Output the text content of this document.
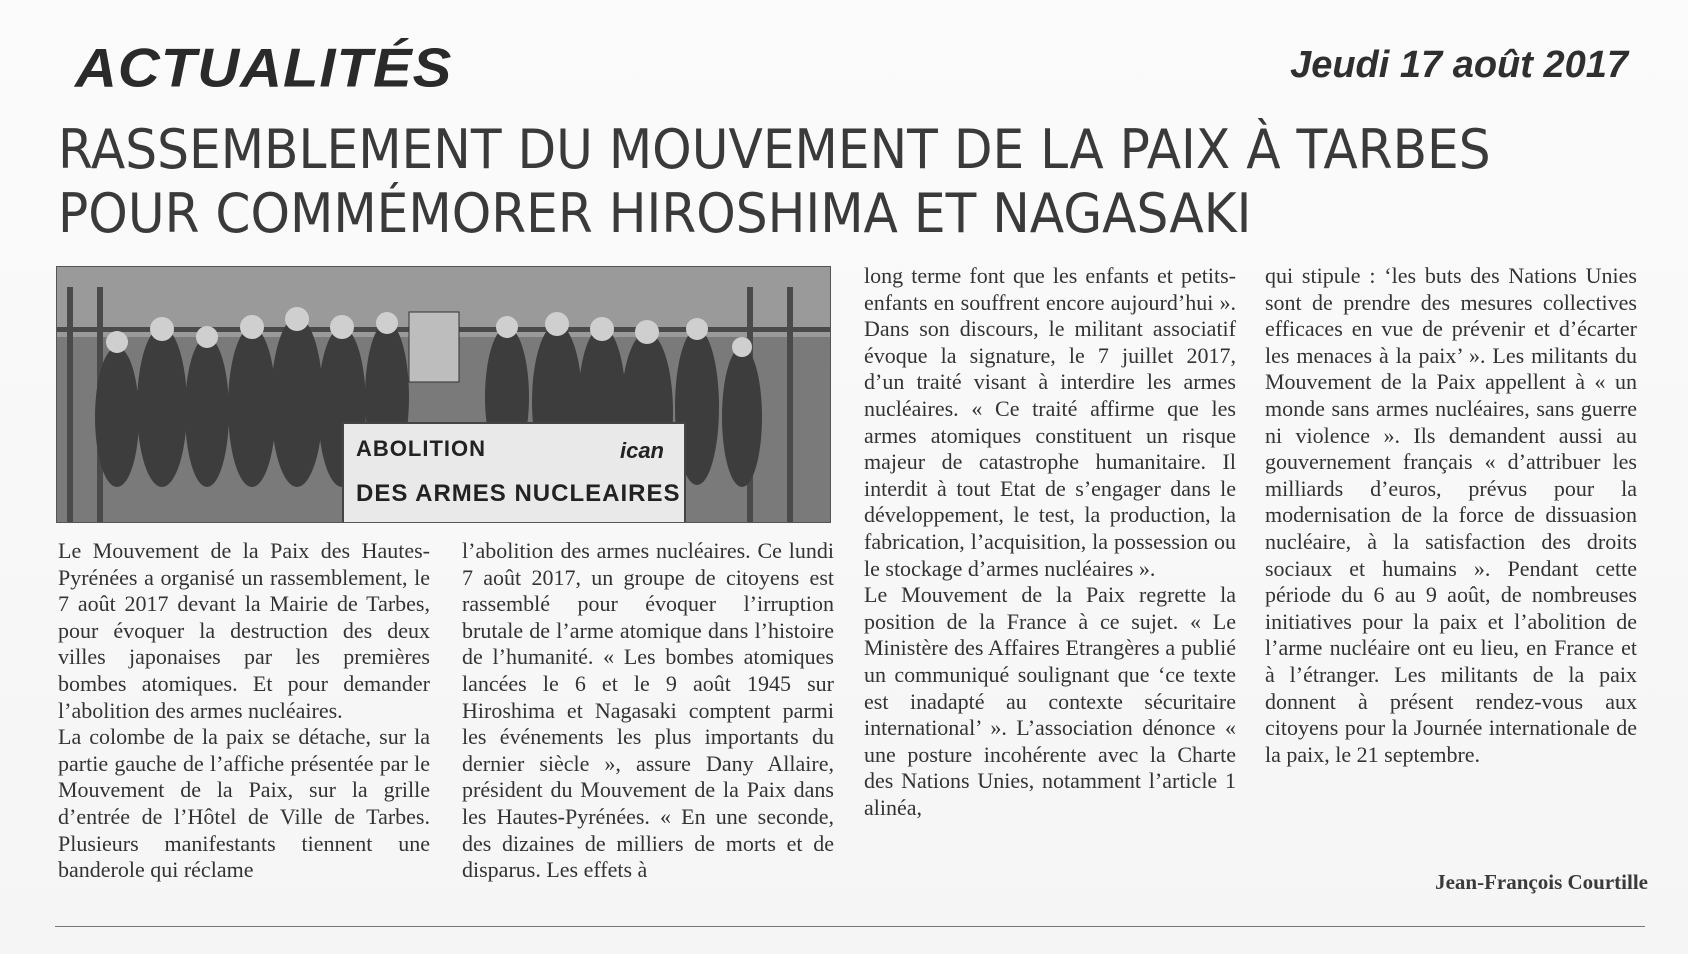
ACTUALITÉS	Jeudi 17 août 2017
RASSEMBLEMENT DU MOUVEMENT DE LA PAIX À TARBES
POUR COMMÉMORER HIROSHIMA ET NAGASAKI
ABOLITION	ican
DES ARMES NUCLEAIRES

Le Mouvement de la Paix des Hautes-Pyrénées a organisé un rassemblement, le 7 août 2017 devant la Mairie de Tarbes, pour évoquer la destruction des deux villes japonaises par les premières bombes atomiques. Et pour demander l’abolition des armes nucléaires.

La colombe de la paix se détache, sur la partie gauche de l’affiche présentée par le Mouvement de la Paix, sur la grille d’entrée de l’Hôtel de Ville de Tarbes. Plusieurs manifestants tiennent une banderole qui réclame

l’abolition des armes nucléaires. Ce lundi 7 août 2017, un groupe de citoyens est rassemblé pour évoquer l’irruption brutale de l’arme atomique dans l’histoire de l’humanité. « Les bombes atomiques lancées le 6 et le 9 août 1945 sur Hiroshima et Nagasaki comptent parmi les événements les plus importants du dernier siècle », assure Dany Allaire, président du Mouvement de la Paix dans les Hautes-Pyrénées. « En une seconde, des dizaines de milliers de morts et de disparus. Les effets à

long terme font que les enfants et petits-enfants en souffrent encore aujourd’hui ». Dans son discours, le militant associatif évoque la signature, le 7 juillet 2017, d’un traité visant à interdire les armes nucléaires. « Ce traité affirme que les armes atomiques constituent un risque majeur de catastrophe humanitaire. Il interdit à tout Etat de s’engager dans le développement, le test, la production, la fabrication, l’acquisition, la possession ou le stockage d’armes nucléaires ».

Le Mouvement de la Paix regrette la position de la France à ce sujet. « Le Ministère des Affaires Etrangères a publié un communiqué soulignant que ‘ce texte est inadapté au contexte sécuritaire international’ ». L’association dénonce « une posture incohérente avec la Charte des Nations Unies, notamment l’article 1 alinéa,

qui stipule : ‘les buts des Nations Unies sont de prendre des mesures collectives efficaces en vue de prévenir et d’écarter les menaces à la paix’ ». Les militants du Mouvement de la Paix appellent à « un monde sans armes nucléaires, sans guerre ni violence ». Ils demandent aussi au gouvernement français « d’attribuer les milliards d’euros, prévus pour la modernisation de la force de dissuasion nucléaire, à la satisfaction des droits sociaux et humains ». Pendant cette période du 6 au 9 août, de nombreuses initiatives pour la paix et l’abolition de l’arme nucléaire ont eu lieu, en France et à l’étranger. Les militants de la paix donnent à présent rendez-vous aux citoyens pour la Journée internationale de la paix, le 21 septembre.

Jean-François Courtille
